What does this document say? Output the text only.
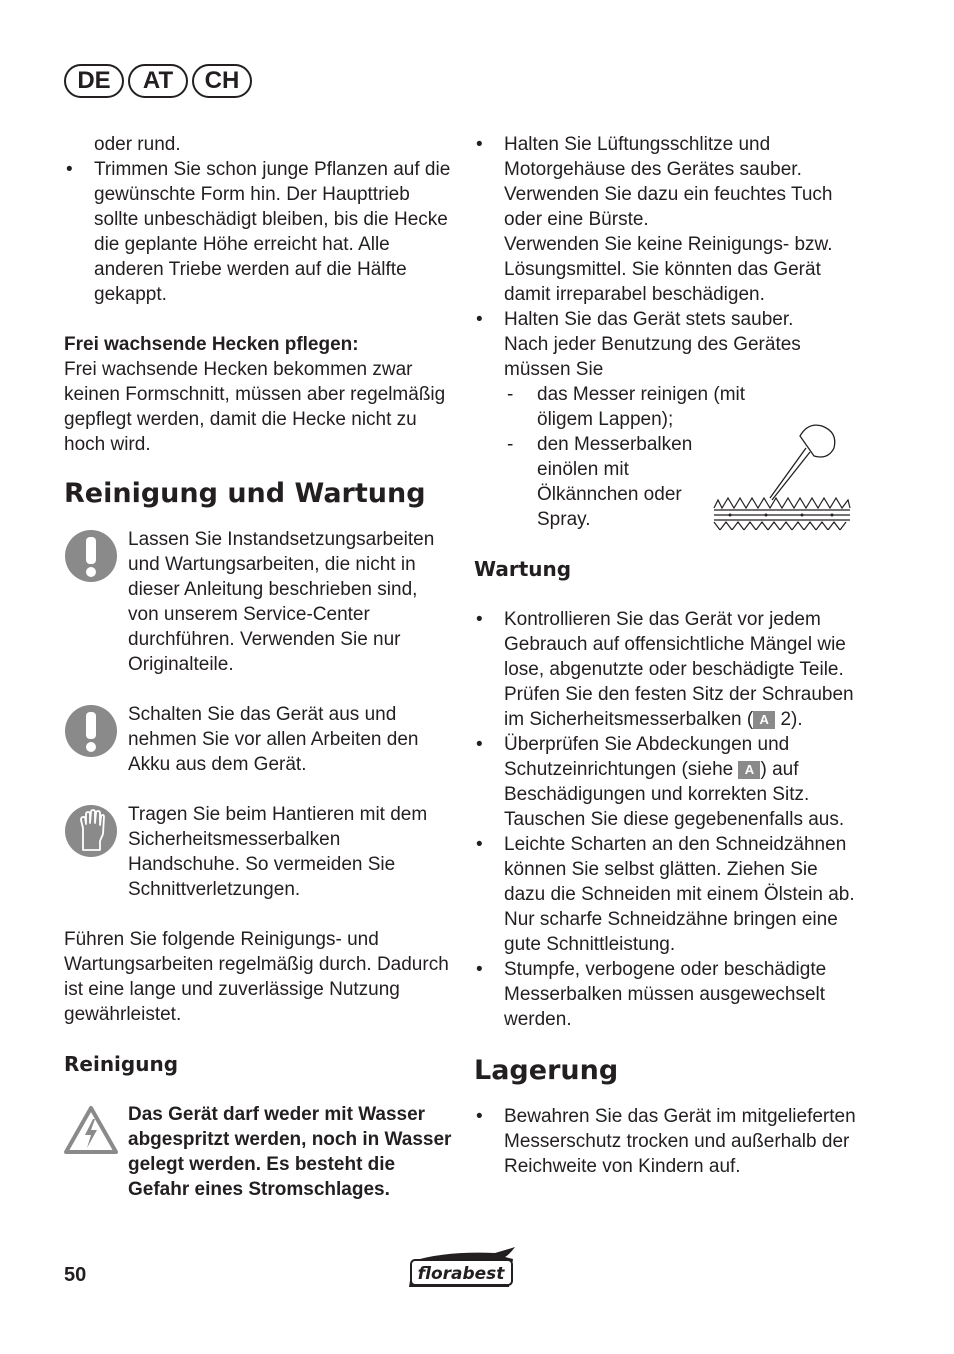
DE	AT	CH

oder rund.

• Trimmen Sie schon junge Pflanzen auf die gewünschte Form hin. Der Haupttrieb sollte unbeschädigt bleiben, bis die Hecke die geplante Höhe erreicht hat. Alle anderen Triebe werden auf die Hälfte gekappt.

Frei wachsende Hecken pflegen:

Frei wachsende Hecken bekommen zwar keinen Formschnitt, müssen aber regelmäßig gepflegt werden, damit die Hecke nicht zu hoch wird.

Reinigung und Wartung

Lassen Sie Instandsetzungsarbeiten und Wartungsarbeiten, die nicht in dieser Anleitung beschrieben sind, von unserem Service-Center durchführen. Verwenden Sie nur Originalteile.

Schalten Sie das Gerät aus und nehmen Sie vor allen Arbeiten den Akku aus dem Gerät.

Tragen Sie beim Hantieren mit dem Sicherheitsmesserbalken Handschuhe. So vermeiden Sie Schnittverletzungen.

Führen Sie folgende Reinigungs- und Wartungsarbeiten regelmäßig durch. Dadurch ist eine lange und zuverlässige Nutzung gewährleistet.

Reinigung

Das Gerät darf weder mit Wasser abgespritzt werden, noch in Wasser gelegt werden. Es besteht die Gefahr eines Stromschlages.

• Halten Sie Lüftungsschlitze und Motorgehäuse des Gerätes sauber. Verwenden Sie dazu ein feuchtes Tuch oder eine Bürste.

Verwenden Sie keine Reinigungs- bzw. Lösungsmittel. Sie könnten das Gerät damit irreparabel beschädigen.

• Halten Sie das Gerät stets sauber.

Nach jeder Benutzung des Gerätes müssen Sie

- das Messer reinigen (mit öligem Lappen);

- den Messerbalken einölen mit Ölkännchen oder Spray.

Wartung

• Kontrollieren Sie das Gerät vor jedem Gebrauch auf offensichtliche Mängel wie lose, abgenutzte oder beschädigte Teile. Prüfen Sie den festen Sitz der Schrauben im Sicherheitsmesserbalken ( A 2).

• Überprüfen Sie Abdeckungen und Schutzeinrichtungen (siehe A ) auf Beschädigungen und korrekten Sitz. Tauschen Sie diese gegebenenfalls aus.

• Leichte Scharten an den Schneidzähnen können Sie selbst glätten. Ziehen Sie dazu die Schneiden mit einem Ölstein ab. Nur scharfe Schneidzähne bringen eine gute Schnittleistung.

• Stumpfe, verbogene oder beschädigte Messerbalken müssen ausgewechselt werden.

Lagerung

• Bewahren Sie das Gerät im mitgelieferten Messerschutz trocken und außerhalb der Reichweite von Kindern auf.

50	florabest
